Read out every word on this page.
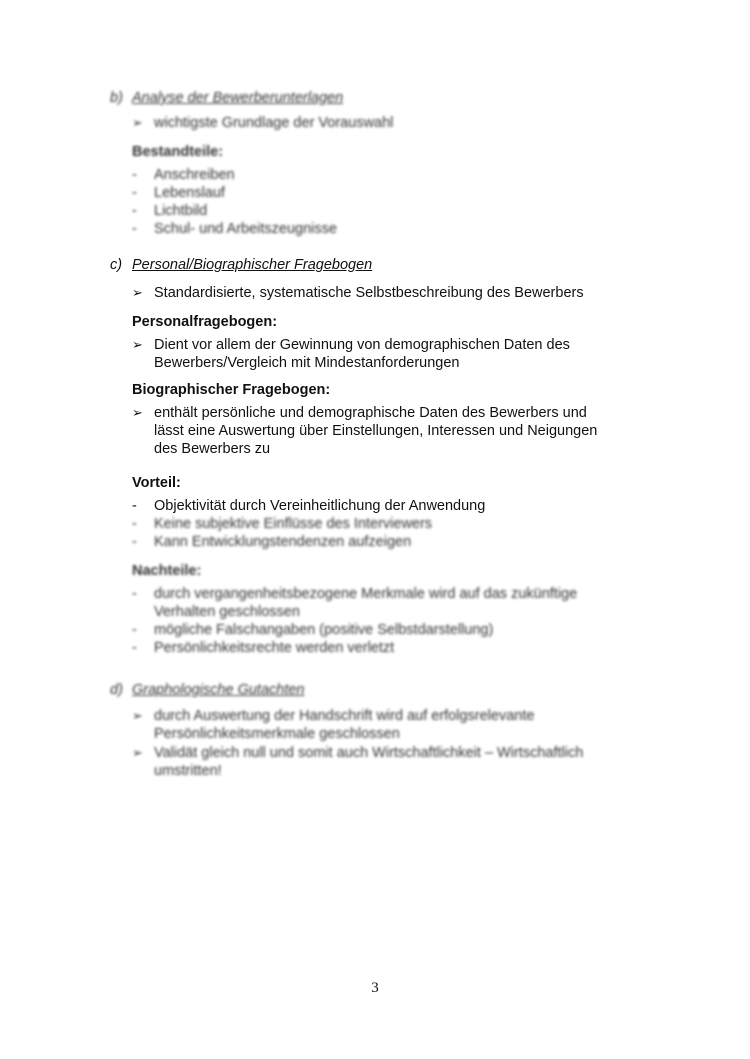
b) Analyse der Bewerberunterlagen
➢ wichtigste Grundlage der Vorauswahl
Bestandteile:
-	Anschreiben
-	Lebenslauf
-	Lichtbild
-	Schul- und Arbeitszeugnisse
c) Personal/Biographischer Fragebogen
➢ Standardisierte, systematische Selbstbeschreibung des Bewerbers
Personalfragebogen:
➢ Dient vor allem der Gewinnung von demographischen Daten des
Bewerbers/Vergleich mit Mindestanforderungen
Biographischer Fragebogen:
➢ enthält persönliche und demographische Daten des Bewerbers und
lässt eine Auswertung über Einstellungen, Interessen und Neigungen
des Bewerbers zu
Vorteil:
-	Objektivität durch Vereinheitlichung der Anwendung
-	Keine subjektive Einflüsse des Interviewers
-	Kann Entwicklungstendenzen aufzeigen
Nachteile:
-	durch vergangenheitsbezogene Merkmale wird auf das zukünftige
Verhalten geschlossen
-	mögliche Falschangaben (positive Selbstdarstellung)
-	Persönlichkeitsrechte werden verletzt
d) Graphologische Gutachten
➢ durch Auswertung der Handschrift wird auf erfolgsrelevante
Persönlichkeitsmerkmale geschlossen
➢ Validät gleich null und somit auch Wirtschaftlichkeit – Wirtschaftlich
umstritten!
3
